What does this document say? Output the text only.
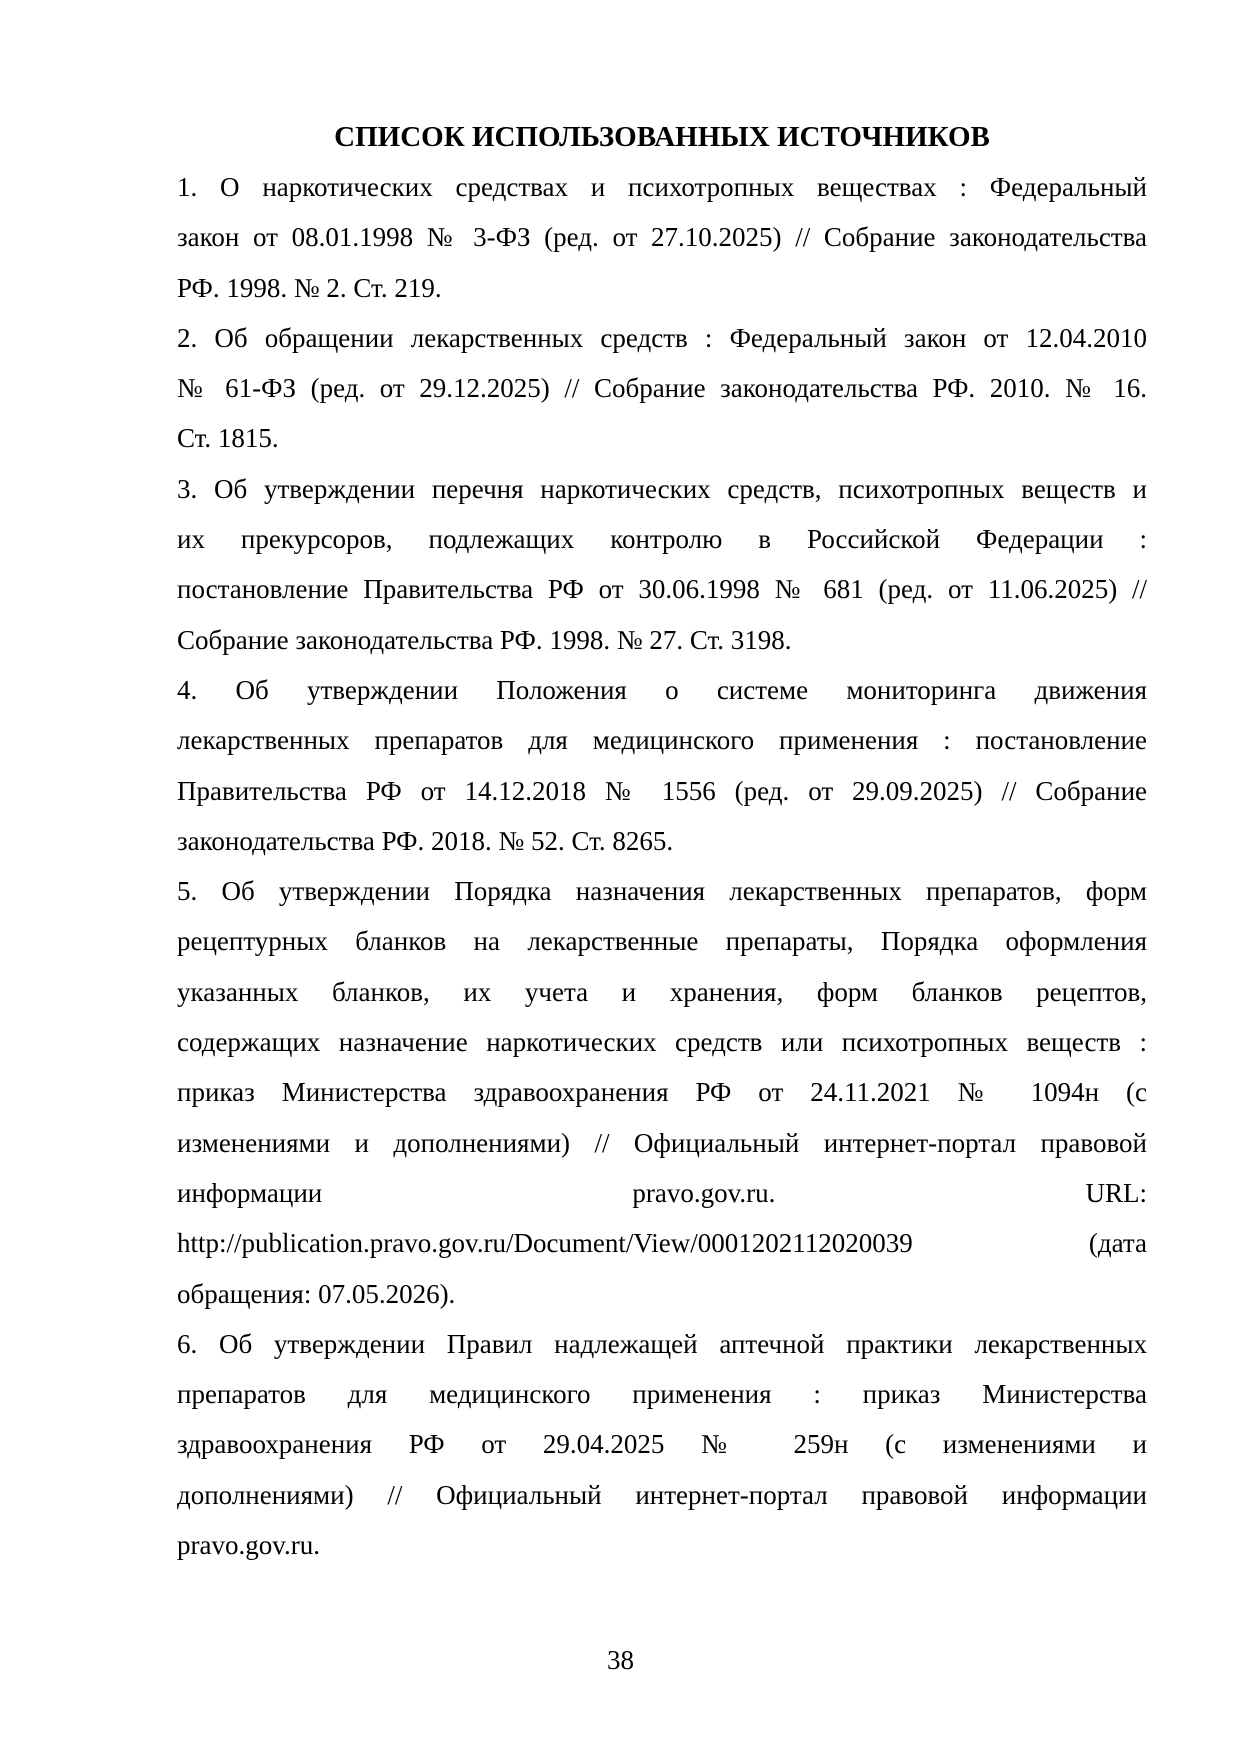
СПИСОК ИСПОЛЬЗОВАННЫХ ИСТОЧНИКОВ
1. О наркотических средствах и психотропных веществах : Федеральный
закон от 08.01.1998 № 3-ФЗ (ред. от 27.10.2025) // Собрание законодательства
РФ. 1998. № 2. Ст. 219.
2. Об обращении лекарственных средств : Федеральный закон от 12.04.2010
№ 61-ФЗ (ред. от 29.12.2025) // Собрание законодательства РФ. 2010. № 16.
Ст. 1815.
3. Об утверждении перечня наркотических средств, психотропных веществ и
их прекурсоров, подлежащих контролю в Российской Федерации :
постановление Правительства РФ от 30.06.1998 № 681 (ред. от 11.06.2025) //
Собрание законодательства РФ. 1998. № 27. Ст. 3198.
4. Об утверждении Положения о системе мониторинга движения
лекарственных препаратов для медицинского применения : постановление
Правительства РФ от 14.12.2018 № 1556 (ред. от 29.09.2025) // Собрание
законодательства РФ. 2018. № 52. Ст. 8265.
5. Об утверждении Порядка назначения лекарственных препаратов, форм
рецептурных бланков на лекарственные препараты, Порядка оформления
указанных бланков, их учета и хранения, форм бланков рецептов,
содержащих назначение наркотических средств или психотропных веществ :
приказ Министерства здравоохранения РФ от 24.11.2021 № 1094н (с
изменениями и дополнениями) // Официальный интернет-портал правовой
информации pravo.gov.ru. URL:
http://publication.pravo.gov.ru/Document/View/0001202112020039 (дата
обращения: 07.05.2026).
6. Об утверждении Правил надлежащей аптечной практики лекарственных
препаратов для медицинского применения : приказ Министерства
здравоохранения РФ от 29.04.2025 № 259н (с изменениями и
дополнениями) // Официальный интернет-портал правовой информации
pravo.gov.ru.
38
